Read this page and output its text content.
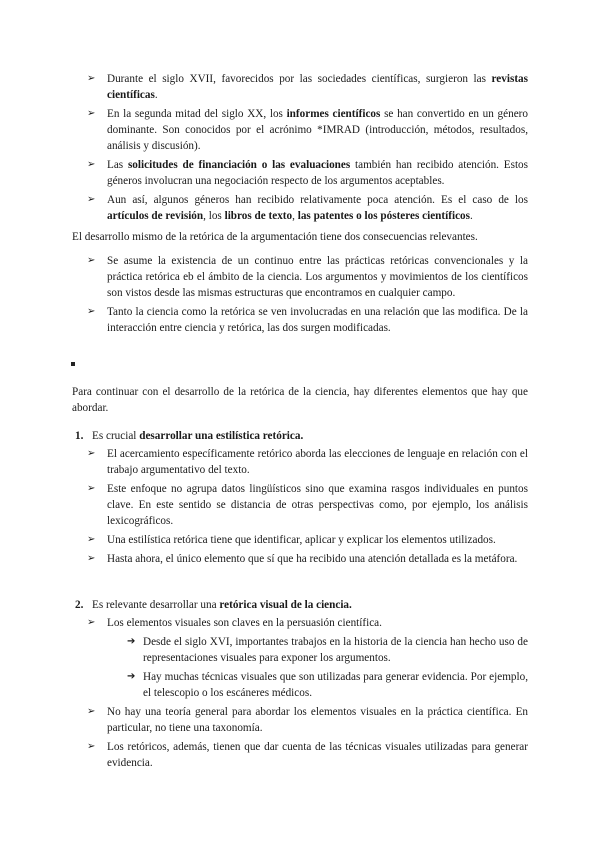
➢ Durante el siglo XVII, favorecidos por las sociedades científicas, surgieron las revistas científicas.
➢ En la segunda mitad del siglo XX, los informes científicos se han convertido en un género dominante. Son conocidos por el acrónimo *IMRAD (introducción, métodos, resultados, análisis y discusión).
➢ Las solicitudes de financiación o las evaluaciones también han recibido atención. Estos géneros involucran una negociación respecto de los argumentos aceptables.
➢ Aun así, algunos géneros han recibido relativamente poca atención. Es el caso de los artículos de revisión, los libros de texto, las patentes o los pósteres científicos.

El desarrollo mismo de la retórica de la argumentación tiene dos consecuencias relevantes.

➢ Se asume la existencia de un continuo entre las prácticas retóricas convencionales y la práctica retórica eb el ámbito de la ciencia. Los argumentos y movimientos de los científicos son vistos desde las mismas estructuras que encontramos en cualquier campo.
➢ Tanto la ciencia como la retórica se ven involucradas en una relación que las modifica. De la interacción entre ciencia y retórica, las dos surgen modificadas.

Para continuar con el desarrollo de la retórica de la ciencia, hay diferentes elementos que hay que abordar.

1. Es crucial desarrollar una estilística retórica.
➢ El acercamiento específicamente retórico aborda las elecciones de lenguaje en relación con el trabajo argumentativo del texto.
➢ Este enfoque no agrupa datos lingüísticos sino que examina rasgos individuales en puntos clave. En este sentido se distancia de otras perspectivas como, por ejemplo, los análisis lexicográficos.
➢ Una estilística retórica tiene que identificar, aplicar y explicar los elementos utilizados.
➢ Hasta ahora, el único elemento que sí que ha recibido una atención detallada es la metáfora.
2. Es relevante desarrollar una retórica visual de la ciencia.
➢ Los elementos visuales son claves en la persuasión científica.
➔ Desde el siglo XVI, importantes trabajos en la historia de la ciencia han hecho uso de representaciones visuales para exponer los argumentos.
➔ Hay muchas técnicas visuales que son utilizadas para generar evidencia. Por ejemplo, el telescopio o los escáneres médicos.
➢ No hay una teoría general para abordar los elementos visuales en la práctica científica. En particular, no tiene una taxonomía.
➢ Los retóricos, además, tienen que dar cuenta de las técnicas visuales utilizadas para generar evidencia.
